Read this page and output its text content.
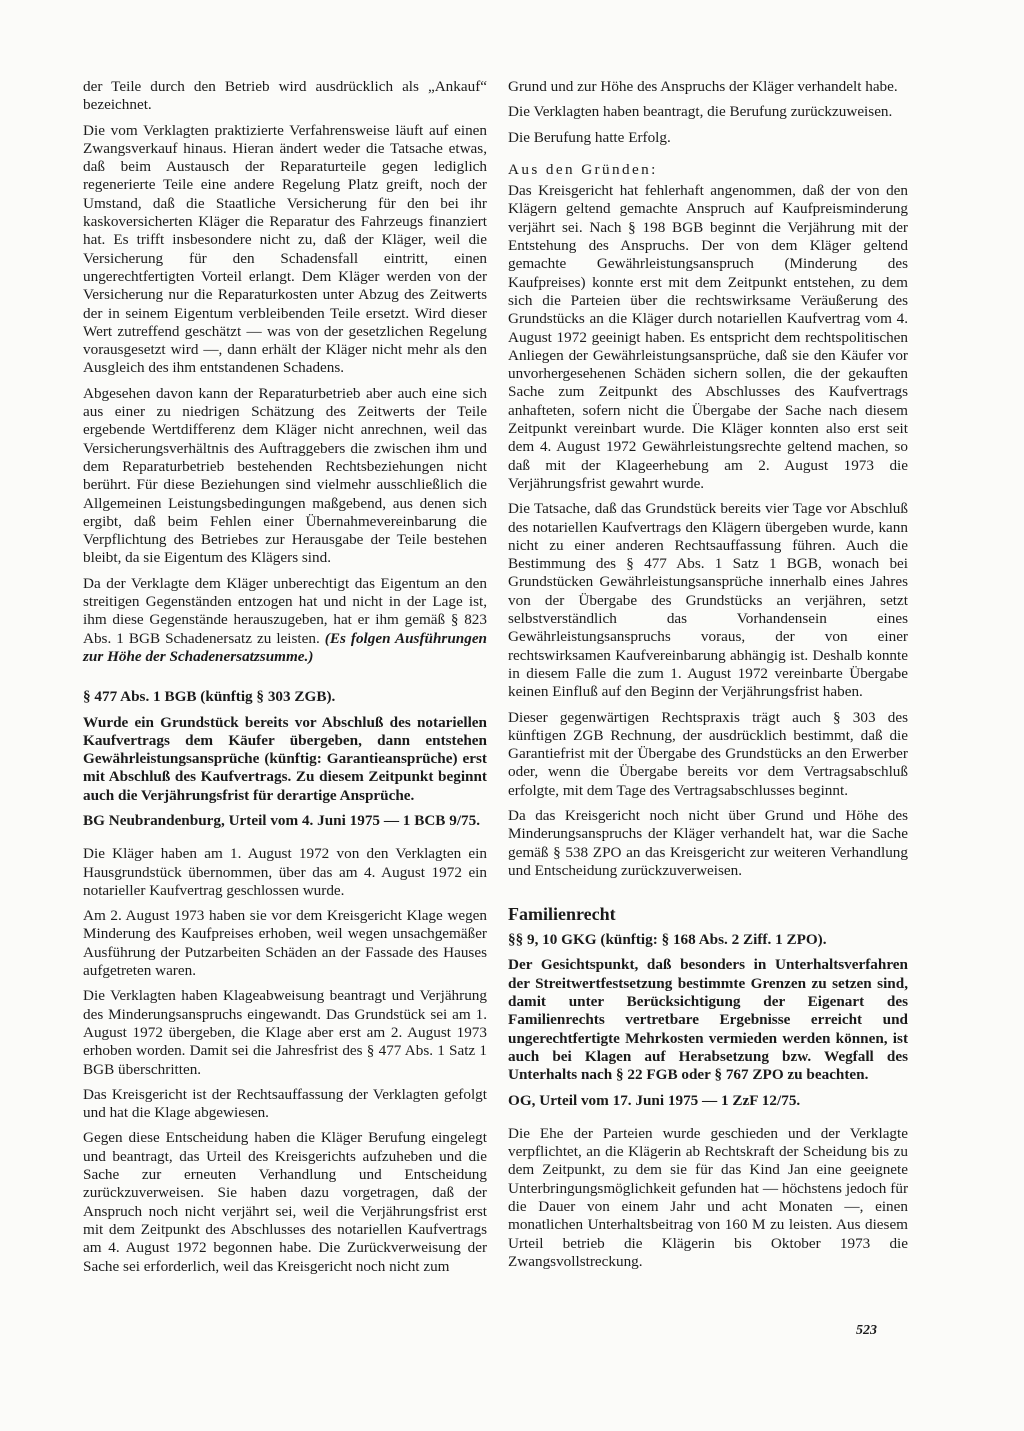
der Teile durch den Betrieb wird ausdrücklich als „Ankauf“ bezeichnet.

Die vom Verklagten praktizierte Verfahrensweise läuft auf einen Zwangsverkauf hinaus. Hieran ändert weder die Tatsache etwas, daß beim Austausch der Reparaturteile gegen lediglich regenerierte Teile eine andere Regelung Platz greift, noch der Umstand, daß die Staatliche Versicherung für den bei ihr kaskoversicherten Kläger die Reparatur des Fahrzeugs finanziert hat. Es trifft insbesondere nicht zu, daß der Kläger, weil die Versicherung für den Schadensfall eintritt, einen ungerechtfertigten Vorteil erlangt. Dem Kläger werden von der Versicherung nur die Reparaturkosten unter Abzug des Zeitwerts der in seinem Eigentum verbleibenden Teile ersetzt. Wird dieser Wert zutreffend geschätzt — was von der gesetzlichen Regelung vorausgesetzt wird —, dann erhält der Kläger nicht mehr als den Ausgleich des ihm entstandenen Schadens.

Abgesehen davon kann der Reparaturbetrieb aber auch eine sich aus einer zu niedrigen Schätzung des Zeitwerts der Teile ergebende Wertdifferenz dem Kläger nicht anrechnen, weil das Versicherungsverhältnis des Auftraggebers die zwischen ihm und dem Reparaturbetrieb bestehenden Rechtsbeziehungen nicht berührt. Für diese Beziehungen sind vielmehr ausschließlich die Allgemeinen Leistungsbedingungen maßgebend, aus denen sich ergibt, daß beim Fehlen einer Übernahmevereinbarung die Verpflichtung des Betriebes zur Herausgabe der Teile bestehen bleibt, da sie Eigentum des Klägers sind.

Da der Verklagte dem Kläger unberechtigt das Eigentum an den streitigen Gegenständen entzogen hat und nicht in der Lage ist, ihm diese Gegenstände herauszugeben, hat er ihm gemäß § 823 Abs. 1 BGB Schadenersatz zu leisten. (Es folgen Ausführungen zur Höhe der Schadenersatzsumme.)

§ 477 Abs. 1 BGB (künftig § 303 ZGB).

Wurde ein Grundstück bereits vor Abschluß des notariellen Kaufvertrags dem Käufer übergeben, dann entstehen Gewährleistungsansprüche (künftig: Garantieansprüche) erst mit Abschluß des Kaufvertrags. Zu diesem Zeitpunkt beginnt auch die Verjährungsfrist für derartige Ansprüche.

BG Neubrandenburg, Urteil vom 4. Juni 1975 — 1 BCB 9/75.

Die Kläger haben am 1. August 1972 von den Verklagten ein Hausgrundstück übernommen, über das am 4. August 1972 ein notarieller Kaufvertrag geschlossen wurde.

Am 2. August 1973 haben sie vor dem Kreisgericht Klage wegen Minderung des Kaufpreises erhoben, weil wegen unsachgemäßer Ausführung der Putzarbeiten Schäden an der Fassade des Hauses aufgetreten waren.

Die Verklagten haben Klageabweisung beantragt und Verjährung des Minderungsanspruchs eingewandt. Das Grundstück sei am 1. August 1972 übergeben, die Klage aber erst am 2. August 1973 erhoben worden. Damit sei die Jahresfrist des § 477 Abs. 1 Satz 1 BGB überschritten.

Das Kreisgericht ist der Rechtsauffassung der Verklagten gefolgt und hat die Klage abgewiesen.

Gegen diese Entscheidung haben die Kläger Berufung eingelegt und beantragt, das Urteil des Kreisgerichts aufzuheben und die Sache zur erneuten Verhandlung und Entscheidung zurückzuverweisen. Sie haben dazu vorgetragen, daß der Anspruch noch nicht verjährt sei, weil die Verjährungsfrist erst mit dem Zeitpunkt des Abschlusses des notariellen Kaufvertrags am 4. August 1972 begonnen habe. Die Zurückverweisung der Sache sei erforderlich, weil das Kreisgericht noch nicht zum

Grund und zur Höhe des Anspruchs der Kläger verhandelt habe.

Die Verklagten haben beantragt, die Berufung zurückzuweisen.

Die Berufung hatte Erfolg.

Aus den Gründen:

Das Kreisgericht hat fehlerhaft angenommen, daß der von den Klägern geltend gemachte Anspruch auf Kaufpreisminderung verjährt sei. Nach § 198 BGB beginnt die Verjährung mit der Entstehung des Anspruchs. Der von dem Kläger geltend gemachte Gewährleistungsanspruch (Minderung des Kaufpreises) konnte erst mit dem Zeitpunkt entstehen, zu dem sich die Parteien über die rechtswirksame Veräußerung des Grundstücks an die Kläger durch notariellen Kaufvertrag vom 4. August 1972 geeinigt haben. Es entspricht dem rechtspolitischen Anliegen der Gewährleistungsansprüche, daß sie den Käufer vor unvorhergesehenen Schäden sichern sollen, die der gekauften Sache zum Zeitpunkt des Abschlusses des Kaufvertrags anhafteten, sofern nicht die Übergabe der Sache nach diesem Zeitpunkt vereinbart wurde. Die Kläger konnten also erst seit dem 4. August 1972 Gewährleistungsrechte geltend machen, so daß mit der Klageerhebung am 2. August 1973 die Verjährungsfrist gewahrt wurde.

Die Tatsache, daß das Grundstück bereits vier Tage vor Abschluß des notariellen Kaufvertrags den Klägern übergeben wurde, kann nicht zu einer anderen Rechtsauffassung führen. Auch die Bestimmung des § 477 Abs. 1 Satz 1 BGB, wonach bei Grundstücken Gewährleistungsansprüche innerhalb eines Jahres von der Übergabe des Grundstücks an verjähren, setzt selbstverständlich das Vorhandensein eines Gewährleistungsanspruchs voraus, der von einer rechtswirksamen Kaufvereinbarung abhängig ist. Deshalb konnte in diesem Falle die zum 1. August 1972 vereinbarte Übergabe keinen Einfluß auf den Beginn der Verjährungsfrist haben.

Dieser gegenwärtigen Rechtspraxis trägt auch § 303 des künftigen ZGB Rechnung, der ausdrücklich bestimmt, daß die Garantiefrist mit der Übergabe des Grundstücks an den Erwerber oder, wenn die Übergabe bereits vor dem Vertragsabschluß erfolgte, mit dem Tage des Vertragsabschlusses beginnt.

Da das Kreisgericht noch nicht über Grund und Höhe des Minderungsanspruchs der Kläger verhandelt hat, war die Sache gemäß § 538 ZPO an das Kreisgericht zur weiteren Verhandlung und Entscheidung zurückzuverweisen.

Familienrecht

§§ 9, 10 GKG (künftig: § 168 Abs. 2 Ziff. 1 ZPO).

Der Gesichtspunkt, daß besonders in Unterhaltsverfahren der Streitwertfestsetzung bestimmte Grenzen zu setzen sind, damit unter Berücksichtigung der Eigenart des Familienrechts vertretbare Ergebnisse erreicht und ungerechtfertigte Mehrkosten vermieden werden können, ist auch bei Klagen auf Herabsetzung bzw. Wegfall des Unterhalts nach § 22 FGB oder § 767 ZPO zu beachten.

OG, Urteil vom 17. Juni 1975 — 1 ZzF 12/75.

Die Ehe der Parteien wurde geschieden und der Verklagte verpflichtet, an die Klägerin ab Rechtskraft der Scheidung bis zu dem Zeitpunkt, zu dem sie für das Kind Jan eine geeignete Unterbringungsmöglichkeit gefunden hat — höchstens jedoch für die Dauer von einem Jahr und acht Monaten —, einen monatlichen Unterhaltsbeitrag von 160 M zu leisten. Aus diesem Urteil betrieb die Klägerin bis Oktober 1973 die Zwangsvollstreckung.

523
